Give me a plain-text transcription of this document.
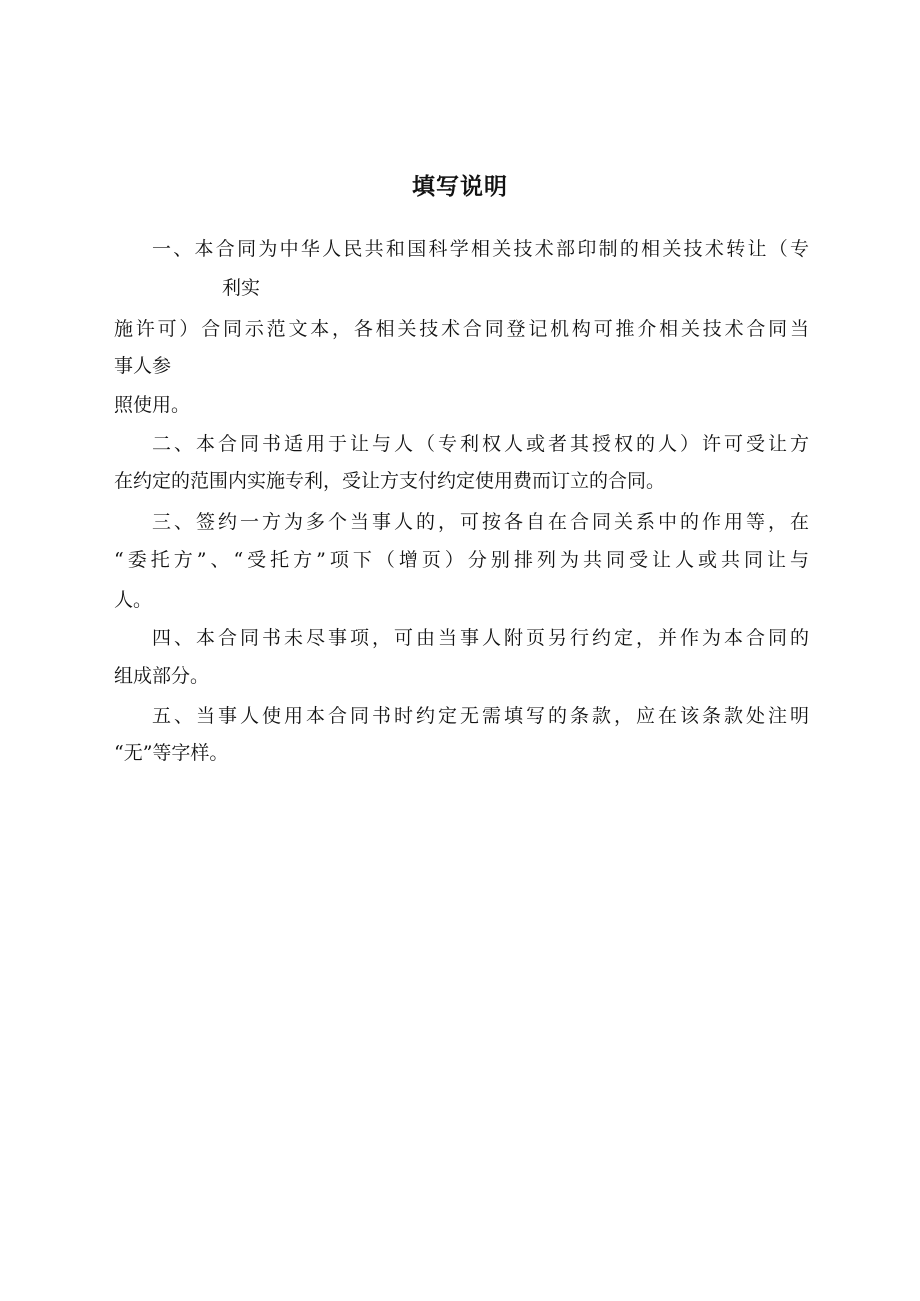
填写说明
一、本合同为中华人民共和国科学相关技术部印制的相关技术转让（专
利实
施许可）合同示范文本，各相关技术合同登记机构可推介相关技术合同当
事人参
照使用。
二、本合同书适用于让与人（专利权人或者其授权的人）许可受让方
在约定的范围内实施专利，受让方支付约定使用费而订立的合同。
三、签约一方为多个当事人的，可按各自在合同关系中的作用等，在
“委托方”、“受托方”项下（增页）分别排列为共同受让人或共同让与
人。
四、本合同书未尽事项，可由当事人附页另行约定，并作为本合同的
组成部分。
五、当事人使用本合同书时约定无需填写的条款，应在该条款处注明
“无”等字样。
